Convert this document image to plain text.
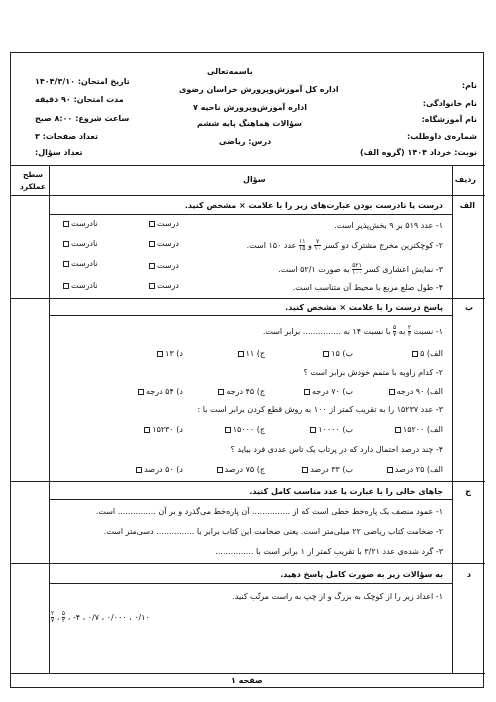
باسمه‌تعالی
اداره کل آموزش‌وپرورش خراسان رضوی
اداره آموزش‌وپرورش ناحیه ۷
سؤالات هماهنگ پایه ششم
درس: ریاضی
نام:
نام خانوادگی:
نام آموزشگاه:
شماره‌ی داوطلب:
نوبت: خرداد ۱۴۰۴ (گروه الف)
تاریخ امتحان: ۱۴۰۴/۳/۱۰
مدت امتحان: ۹۰ دقیقه
ساعت شروع: ۸:۰۰ صبح
تعداد صفحات: ۳
تعداد سؤال:
ردیف
سؤال
سطح عملکرد
الف
درست یا نادرست بودن عبارت‌های زیر را با علامت × مشخص کنید.
۱- عدد ۵۱۹ بر ۹ بخش‌پذیر است.
۲- کوچکترین مخرج مشترک دو کسر
$\frac{۷}{۱۰}$
و
$\frac{۱۱}{۱۵}$
عدد ۱۵۰ است.
۳- نمایش اعشاری کسر
$\frac{۵۲۱}{۱۰۰}$
به صورت ۵۲/۱ است.
۴- طول ضلع مربع با محیط آن متناسب است.
درست
نادرست
درست
نادرست
درست
نادرست
درست
نادرست
ب
پاسخ درست را با علامت × مشخص کنید.
۱- نسبت
$\frac{۲}{۳}$
به
$\frac{۵}{۷}$
با نسبت ۱۴ به ............... برابر است.
الف) ۵
ب) ۱۵
ج) ۱۱
د) ۱۳
۲- کدام زاویه با متمم خودش برابر است ؟
الف) ۹۰ درجه
ب) ۷۰ درجه
ج) ۴۵ درجه
د) ۵۴ درجه
۳- عدد ۱۵۲۳۷ را به تقریب کمتر از ۱۰۰ به روش قطع کردن برابر است با :
الف) ۱۵۲۰۰
ب) ۱۰۰۰۰
ج) ۱۵۰۰۰
د) ۱۵۲۳۰
۴- چند درصد احتمال دارد که در پرتاب یک تاس عددی فرد بیاید ؟
الف) ۲۵ درصد
ب) ۳۳ درصد
ج) ۷۵ درصد
د) ۵۰ درصد
ج
جاهای خالی را با عبارت یا عدد مناسب کامل کنید.
۱- عمود منصف یک پاره‌خط خطی است که از ............... آن پاره‌خط می‌گذرد و بر آن ............... است.
۲- ضخامت کتاب ریاضی ۲۲ میلی‌متر است. یعنی ضخامت این کتاب برابر با ............... دسی‌متر است.
۳- گرد شده‌ی عدد ۳/۲۱ با تقریب کمتر از ۱ برابر است با ...............
د
به سؤالات زیر به صورت کامل پاسخ دهید.
۱- اعداد زیر را از کوچک به بزرگ و از چپ به راست مرتّب کنید.
$\frac{۲}{۷}$ ، $\frac{۵}{۲}$ ، ۰/۱۰ ، ۰/۰۰۰ ، ۰/۷ ، ۴-
صفحه ۱
